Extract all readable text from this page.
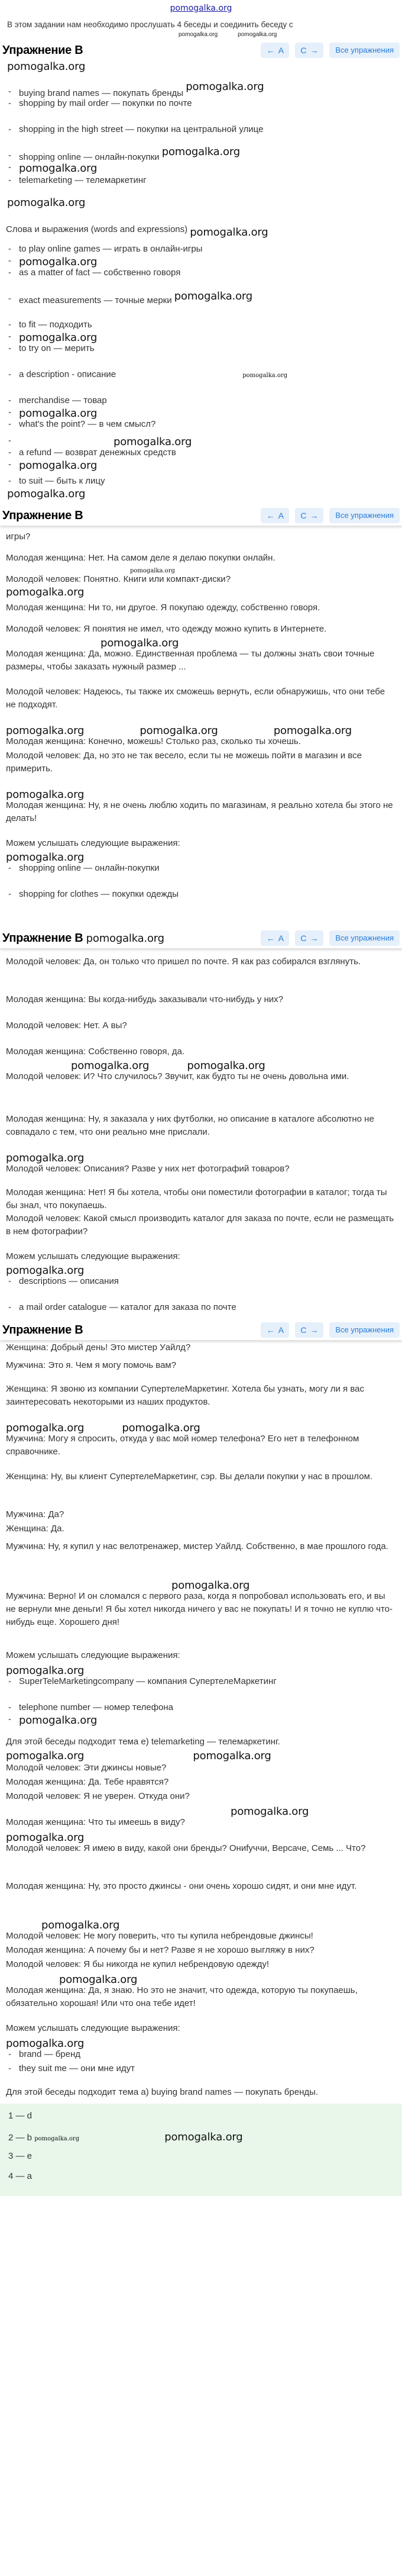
pomogalka.org
В этом задании нам необходимо прослушать 4 беседы и соединить беседу с
pomogalka.org	pomogalka.org
Упражнение В	← А С →	Все упражнения
pomogalka.org
- buying brand names — покупать бренды pomogalka.org
- shopping by mail order — покупки по почте
- shopping in the high street — покупки на центральной улице
- shopping online — онлайн-покупки pomogalka.org
- pomogalka.org
- telemarketing — телемаркетинг
pomogalka.org
Слова и выражения (words and expressions) pomogalka.org
- to play online games — играть в онлайн-игры
- pomogalka.org
- as a matter of fact — собственно говоря
- exact measurements — точные мерки pomogalka.org
- to fit — подходить
- pomogalka.org
- to try on — мерить
- a description - описание	pomogalka.org
- merchandise — товар
- pomogalka.org
- what's the point? — в чем смысл?
- pomogalka.org
- a refund — возврат денежных средств
- pomogalka.org
- to suit — быть к лицу
pomogalka.org
Упражнение В	← А С →	Все упражнения

игры?

Молодая женщина: Нет. На самом деле я делаю покупки онлайн.

pomogalka.org

Молодой человек: Понятно. Книги или компакт-диски?

pomogalka.org

Молодая женщина: Ни то, ни другое. Я покупаю одежду, собственно говоря.

Молодой человек: Я понятия не имел, что одежду можно купить в Интернете.

pomogalka.org

Молодая женщина: Да, можно. Единственная проблема — ты должны знать свои точные размеры, чтобы заказать нужный размер ...

Молодой человек: Надеюсь, ты также их сможешь вернуть, если обнаружишь, что они тебе не подходят.

pomogalka.org	pomogalka.org	pomogalka.org

Молодая женщина: Конечно, можешь! Столько раз, сколько ты хочешь.

Молодой человек: Да, но это не так весело, если ты не можешь пойти в магазин и все примерить.

pomogalka.org

Молодая женщина: Ну, я не очень люблю ходить по магазинам, я реально хотела бы этого не делать!

Можем услышать следующие выражения:

pomogalka.org

- shopping online — онлайн-покупки
- shopping for clothes — покупки одежды
Упражнение В pomogalka.org	← А С →	Все упражнения

Молодой человек: Да, он только что пришел по почте. Я как раз собирался взглянуть.

Молодая женщина: Вы когда-нибудь заказывали что-нибудь у них?

Молодой человек: Нет. А вы?

Молодая женщина: Собственно говоря, да.

pomogalka.org	pomogalka.org

Молодой человек: И? Что случилось? Звучит, как будто ты не очень довольна ими.

Молодая женщина: Ну, я заказала у них футболки, но описание в каталоге абсолютно не совпадало с тем, что они реально мне прислали.

pomogalka.org

Молодой человек: Описания? Разве у них нет фотографий товаров?

Молодая женщина: Нет! Я бы хотела, чтобы они поместили фотографии в каталог; тогда ты бы знал, что покупаешь.

Молодой человек: Какой смысл производить каталог для заказа по почте, если не размещать в нем фотографии?

Можем услышать следующие выражения:

pomogalka.org

- descriptions — описания
- a mail order catalogue — каталог для заказа по почте
Упражнение В	← А С →	Все упражнения

Женщина: Добрый день! Это мистер Уайлд?

Мужчина: Это я. Чем я могу помочь вам?

Женщина: Я звоню из компании СупертелеМаркетинг. Хотела бы узнать, могу ли я вас заинтересовать некоторыми из наших продуктов.

pomogalka.org	pomogalka.org

Мужчина: Могу я спросить, откуда у вас мой номер телефона? Его нет в телефонном справочнике.

Женщина: Ну, вы клиент СупертелеМаркетинг, сэр. Вы делали покупки у нас в прошлом.

Мужчина: Да?

Женщина: Да.

Мужчина: Ну, я купил у нас велотренажер, мистер Уайлд. Собственно, в мае прошлого года.

pomogalka.org

Мужчина: Верно! И он сломался с первого раза, когда я попробовал использовать его, и вы не вернули мне деньги! Я бы хотел никогда ничего у вас не покупать! И я точно не куплю что-нибудь еще. Хорошего дня!

Можем услышать следующие выражения:

pomogalka.org

- SuperTeleMarketingcompany — компания СупертелеМаркетинг
- telephone number — номер телефона
- pomogalka.org
Для этой беседы подходит тема е) telemarketing — телемаркетинг.
pomogalka.org	pomogalka.org

Молодой человек: Эти джинсы новые?

Молодая женщина: Да. Тебе нравятся?

Молодой человек: Я не уверен. Откуда они?

pomogalka.org

Молодая женщина: Что ты имеешь в виду?

pomogalka.org

Молодой человек: Я имею в виду, какой они бренды? Ониfуччи, Версаче, Семь ... Что?

Молодая женщина: Ну, это просто джинсы - они очень хорошо сидят, и они мне идут.

pomogalka.org

Молодой человек: Не могу поверить, что ты купила небрендовые джинсы!

Молодая женщина: А почему бы и нет? Разве я не хорошо выгляжу в них?

Молодой человек: Я бы никогда не купил небрендовую одежду!

pomogalka.org

Молодая женщина: Да, я знаю. Но это не значит, что одежда, которую ты покупаешь, обязательно хорошая! Или что она тебе идет!

Можем услышать следующие выражения:

pomogalka.org

- brand — бренд
- they suit me — они мне идут
Для этой беседы подходит тема а) buying brand names — покупать бренды.
1 — d
2 — b pomogalka.org	pomogalka.org
3 — e
4 — a
